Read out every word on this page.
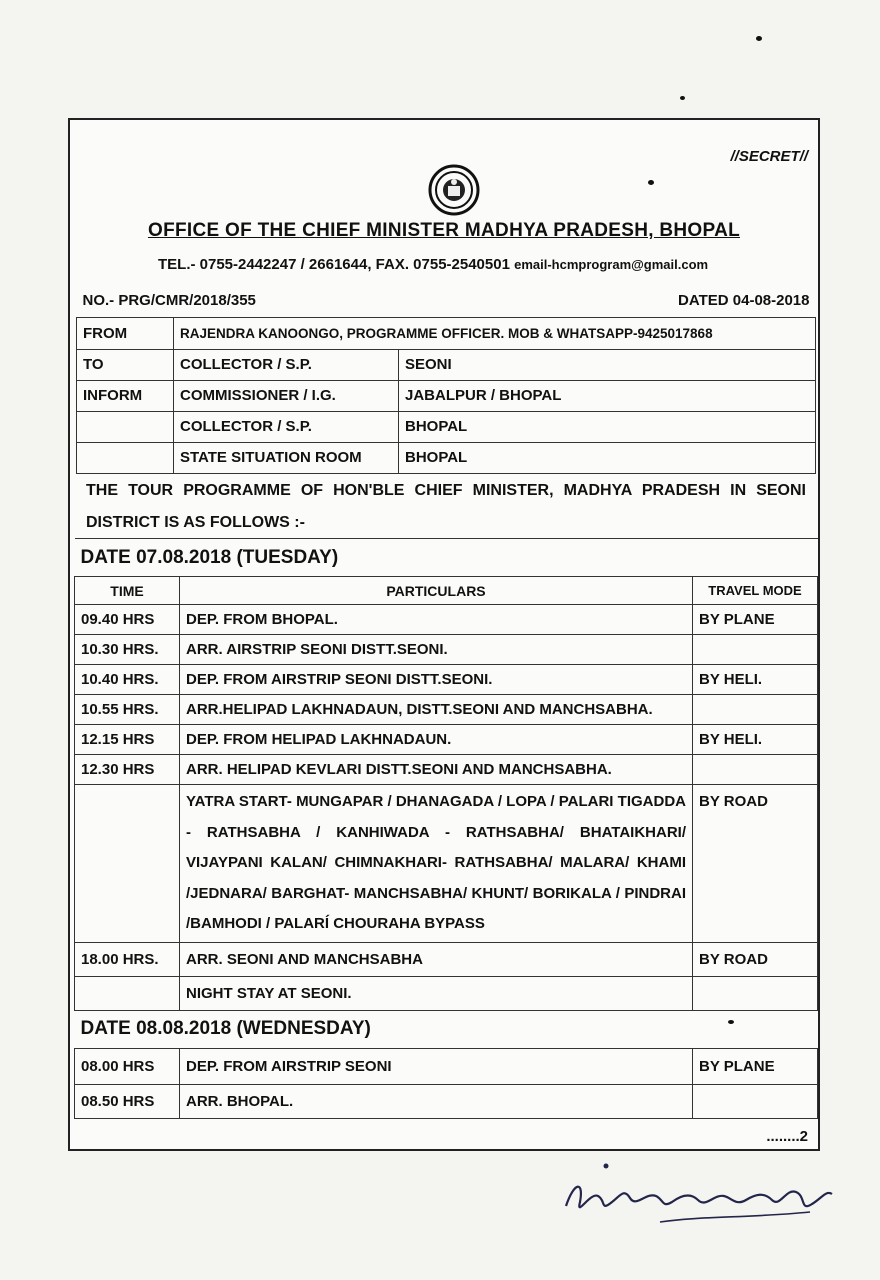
//SECRET//
OFFICE OF THE CHIEF MINISTER MADHYA PRADESH, BHOPAL
TEL.- 0755-2442247 / 2661644, FAX. 0755-2540501 email-hcmprogram@gmail.com
NO.- PRG/CMR/2018/355 DATED 04-08-2018		

FROM	RAJENDRA KANOONGO, PROGRAMME OFFICER. MOB & WHATSAPP-9425017868	
TO	COLLECTOR / S.P.	SEONI
INFORM	COMMISSIONER / I.G.	JABALPUR / BHOPAL
	COLLECTOR / S.P.	BHOPAL
	STATE SITUATION ROOM	BHOPAL
THE TOUR PROGRAMME OF HON'BLE CHIEF MINISTER, MADHYA PRADESH IN SEONI DISTRICT IS AS FOLLOWS :-
DATE 07.08.2018 (TUESDAY)		
TIME	PARTICULARS	TRAVEL MODE
09.40 HRS	DEP. FROM BHOPAL.	BY PLANE
10.30 HRS.	ARR. AIRSTRIP SEONI DISTT.SEONI.	
10.40 HRS.	DEP. FROM AIRSTRIP SEONI DISTT.SEONI.	BY HELI.
10.55 HRS.	ARR.HELIPAD LAKHNADAUN, DISTT.SEONI AND MANCHSABHA.	
12.15 HRS	DEP. FROM HELIPAD LAKHNADAUN.	BY HELI.
12.30 HRS	ARR. HELIPAD KEVLARI DISTT.SEONI AND MANCHSABHA.	
	YATRA START- MUNGAPAR / DHANAGADA / LOPA / PALARI TIGADDA - RATHSABHA / KANHIWADA - RATHSABHA/ BHATAIKHARI/ VIJAYPANI KALAN/ CHIMNAKHARI- RATHSABHA/ MALARA/ KHAMI /JEDNARA/ BARGHAT- MANCHSABHA/ KHUNT/ BORIKALA / PINDRAI /BAMHODI / PALARÍ CHOURAHA BYPASS	BY ROAD
18.00 HRS.	ARR. SEONI AND MANCHSABHA	BY ROAD
	NIGHT STAY AT SEONI.	
DATE 08.08.2018 (WEDNESDAY)		
08.00 HRS	DEP. FROM AIRSTRIP SEONI	BY PLANE
08.50 HRS	ARR. BHOPAL.	
........2
